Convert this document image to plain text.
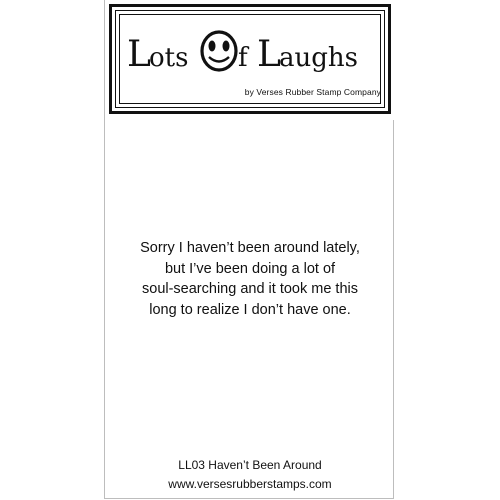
L
ots f L
aughs
by Verses Rubber Stamp Company
Sorry I haven’t been around lately,
but I’ve been doing a lot of
soul-searching and it took me this
long to realize I don’t have one.
LL03 Haven’t Been Around
www.versesrubberstamps.com
